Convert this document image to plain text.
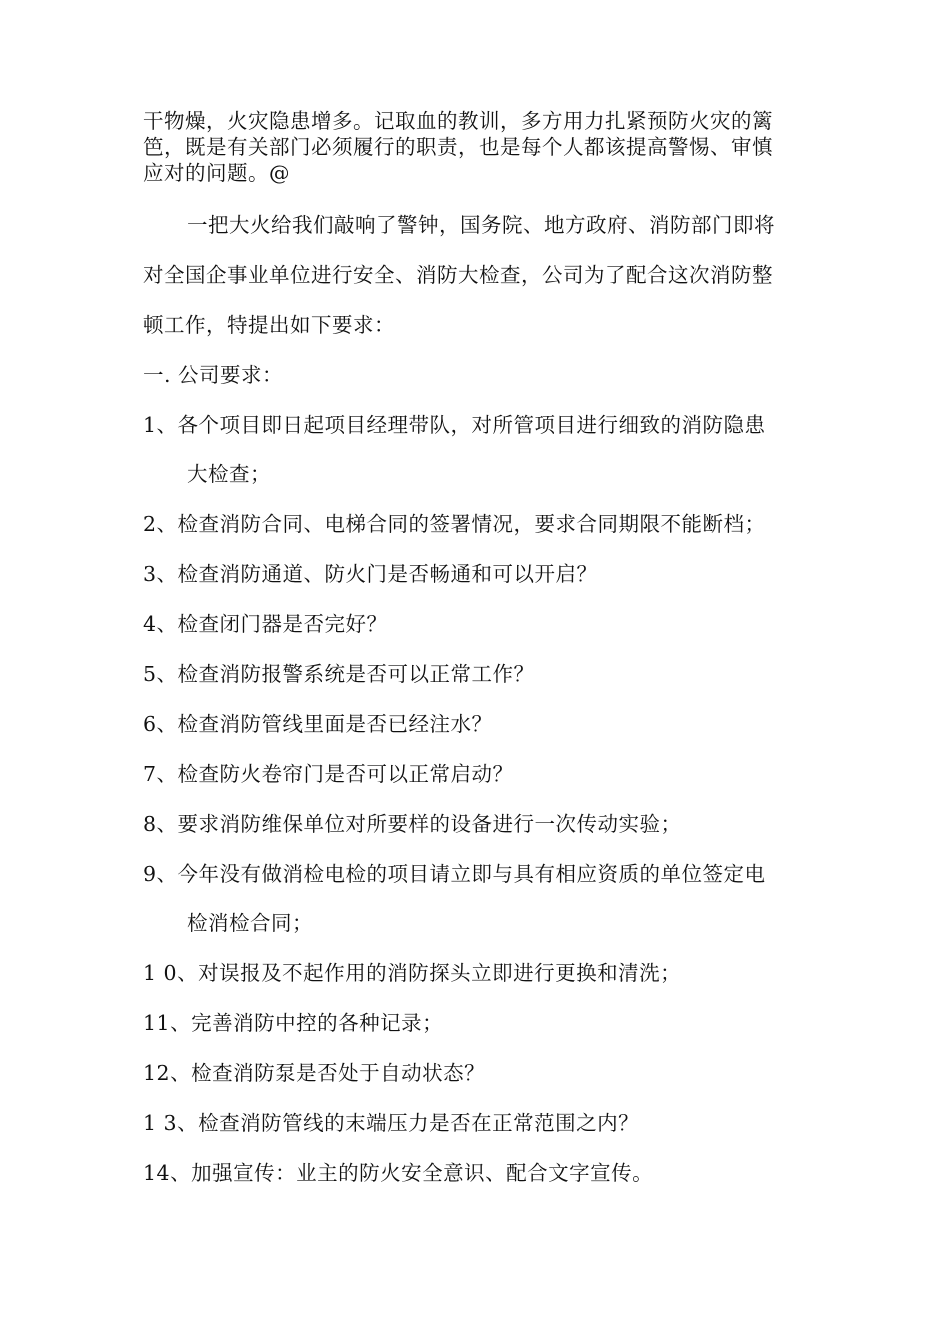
干物燥，火灾隐患增多。记取血的教训，多方用力扎紧预防火灾的篱

笆，既是有关部门必须履行的职责，也是每个人都该提高警惕、审慎

应对的问题。@

一把大火给我们敲响了警钟，国务院、地方政府、消防部门即将
对全国企事业单位进行安全、消防大检查，公司为了配合这次消防整
顿工作，特提出如下要求：
一. 公司要求：
1、各个项目即日起项目经理带队，对所管项目进行细致的消防隐患
大检查；
2、检查消防合同、电梯合同的签署情况，要求合同期限不能断档；
3、检查消防通道、防火门是否畅通和可以开启？
4、检查闭门器是否完好？
5、检查消防报警系统是否可以正常工作？
6、检查消防管线里面是否已经注水？
7、检查防火卷帘门是否可以正常启动？
8、要求消防维保单位对所要样的设备进行一次传动实验；
9、今年没有做消检电检的项目请立即与具有相应资质的单位签定电
检消检合同；
1 0、对误报及不起作用的消防探头立即进行更换和清洗；
11、完善消防中控的各种记录；
12、检查消防泵是否处于自动状态？
1 3、检查消防管线的末端压力是否在正常范围之内？
14、加强宣传：业主的防火安全意识、配合文字宣传。
